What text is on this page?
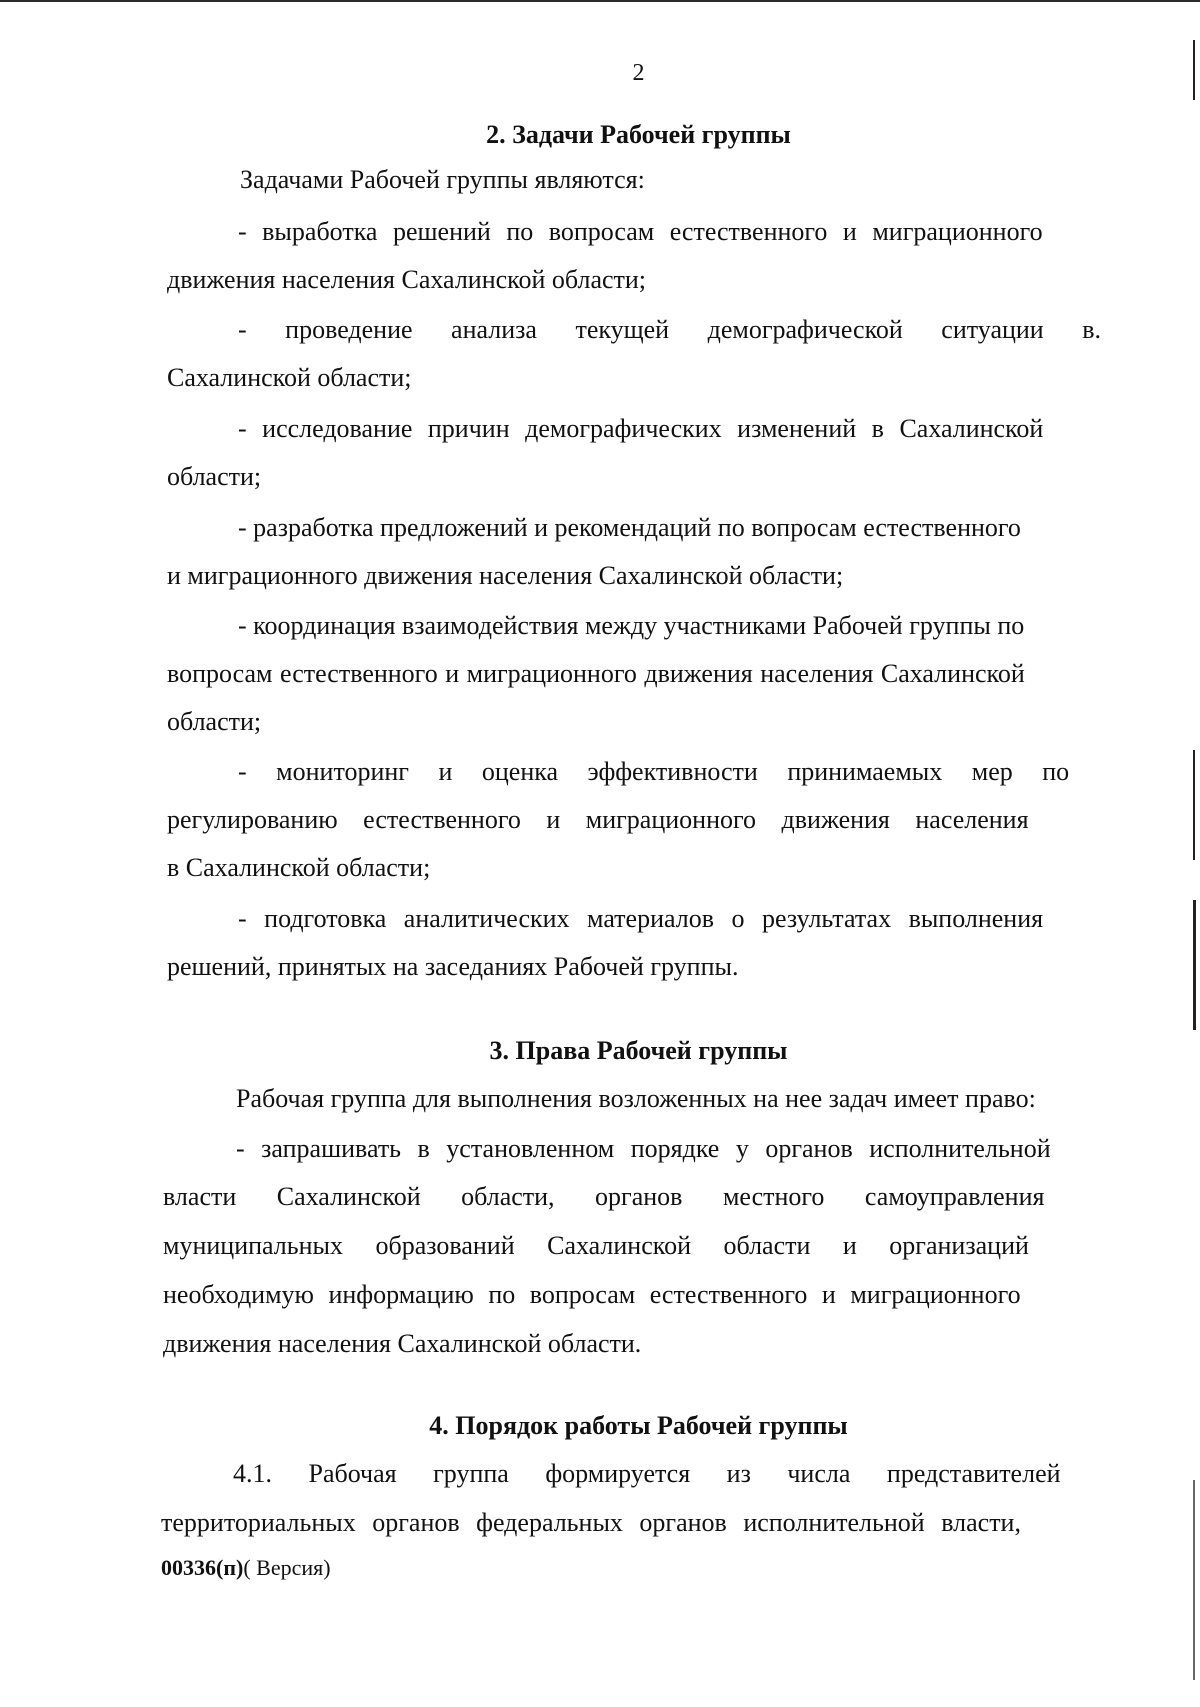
2
2. Задачи Рабочей группы
Задачами Рабочей группы являются:
- выработка решений по вопросам естественного и миграционного
движения населения Сахалинской области;
- проведение анализа текущей демографической ситуации в.
Сахалинской области;
- исследование причин демографических изменений в Сахалинской
области;
- разработка предложений и рекомендаций по вопросам естественного
и миграционного движения населения Сахалинской области;
- координация взаимодействия между участниками Рабочей группы по
вопросам естественного и миграционного движения населения Сахалинской
области;
- мониторинг и оценка эффективности принимаемых мер по
регулированию естественного и миграционного движения населения
в Сахалинской области;
- подготовка аналитических материалов о результатах выполнения
решений, принятых на заседаниях Рабочей группы.
3. Права Рабочей группы
Рабочая группа для выполнения возложенных на нее задач имеет право:
- запрашивать в установленном порядке у органов исполнительной
власти Сахалинской области, органов местного самоуправления
муниципальных образований Сахалинской области и организаций
необходимую информацию по вопросам естественного и миграционного
движения населения Сахалинской области.
4. Порядок работы Рабочей группы
4.1. Рабочая группа формируется из числа представителей
территориальных органов федеральных органов исполнительной власти,
00336(п)( Версия)
